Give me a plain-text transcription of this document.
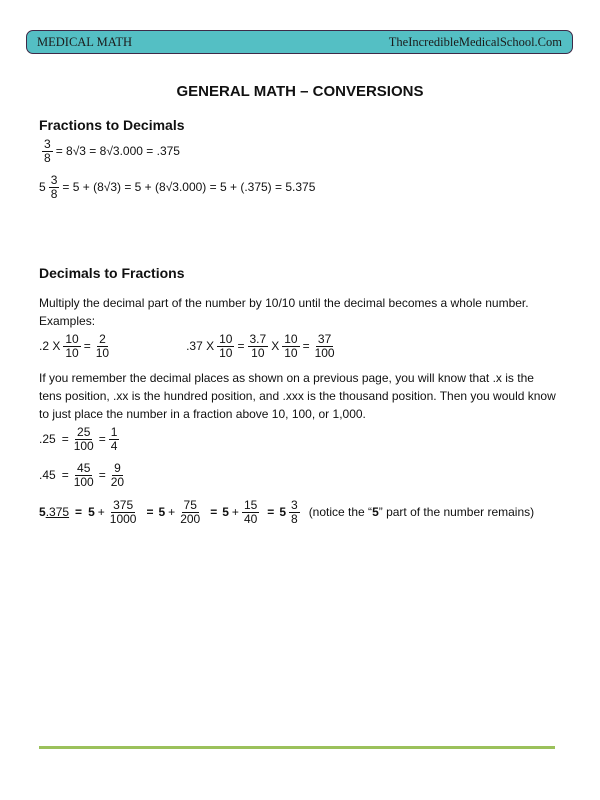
MEDICAL MATH	TheIncredibleMedicalSchool.Com
GENERAL MATH – CONVERSIONS
Fractions to Decimals
$\frac{3}{8} = 8√3 = 8√3.000 = .375$
$5 \frac{3}{8} = 5 + (8√3) = 5 + (8√3.000) = 5 + (.375) = 5.375$
Decimals to Fractions
Multiply the decimal part of the number by 10/10 until the decimal becomes a whole number.
Examples:
.2 X $\frac{10}{10} = \frac{2}{10}$	.37 X $\frac{10}{10} = \frac{3.7}{10}$ X $\frac{10}{10} = \frac{37}{100}$
If you remember the decimal places as shown on a previous page, you will know that .x is the tens position, .xx is the hundred position, and .xxx is the thousand position. Then you would know to just place the number in a fraction above 10, 100, or 1,000.
$.25 = \frac{25}{100} = \frac{1}{4}$
$.45 = \frac{45}{100} = \frac{9}{20}$
5 $.375 = 5 + \frac{375}{1000} = 5 + \frac{75}{200} = 5 + \frac{15}{40} = 5 \frac{3}{8}$ (notice the “5” part of the number remains)
